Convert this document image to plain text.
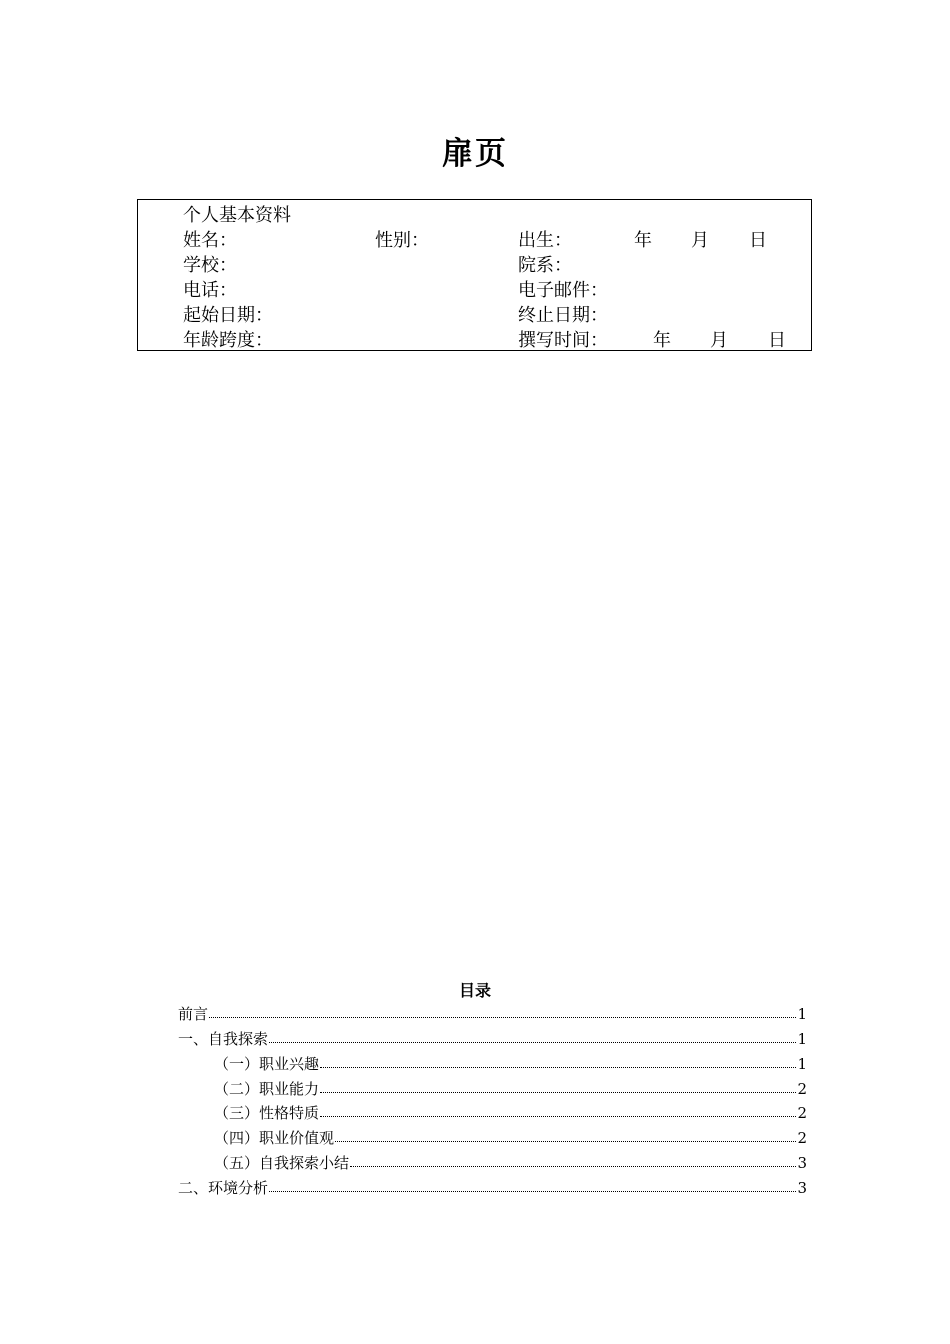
扉页
个人基本资料
姓名：	性别：	出生：	年 月 日
学校：	院系：
电话：	电子邮件：
起始日期：	终止日期：
年龄跨度：	撰写时间：	年 月 日
目录
前言	1
一、自我探索	1
（一）职业兴趣	1
（二）职业能力	2
（三）性格特质	2
（四）职业价值观	2
（五）自我探索小结	3
二、环境分析	3
